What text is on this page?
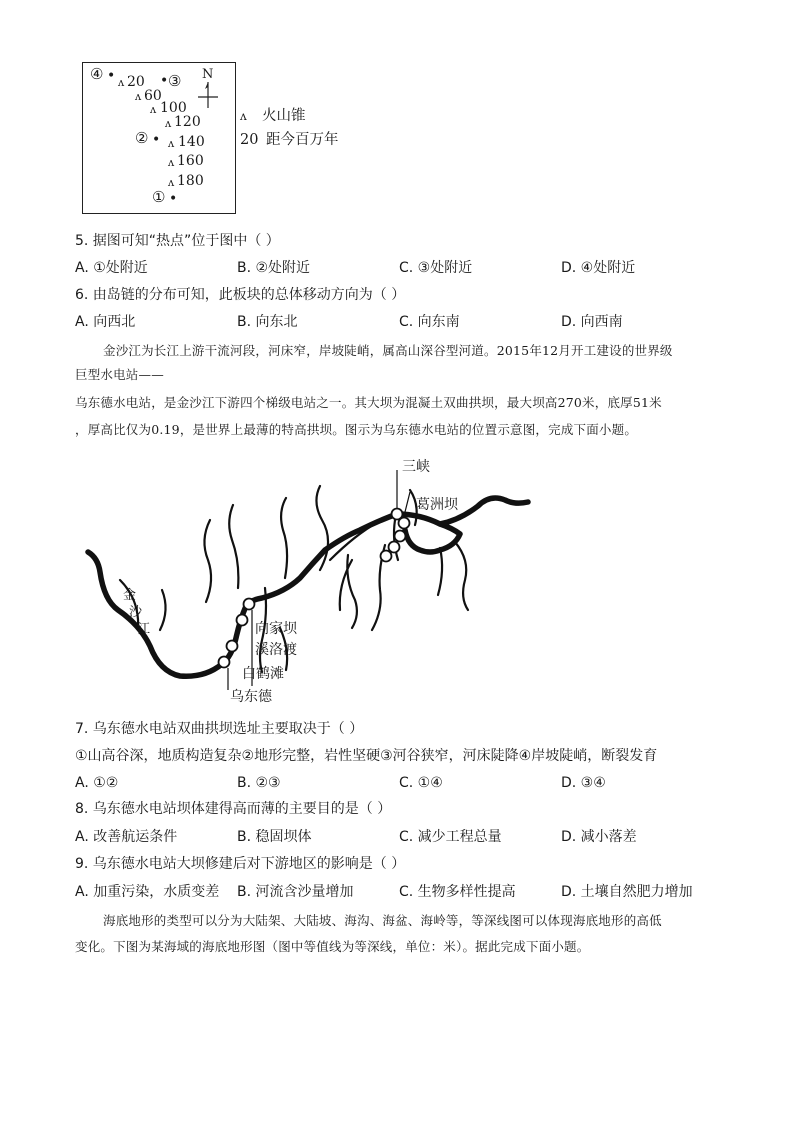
④ • ʌ 20 • ③
ʌ 60
ʌ 100
ʌ 120
② • ʌ 140
ʌ 160
ʌ 180
① •
N
ʌ 火山锥
20 距今百万年
5. 据图可知“热点”位于图中（ ）
A. ①处附近	B. ②处附近	C. ③处附近	D. ④处附近
6. 由岛链的分布可知，此板块的总体移动方向为（ ）
A. 向西北	B. 向东北	C. 向东南	D. 向西南
金沙江为长江上游干流河段，河床窄，岸坡陡峭，属高山深谷型河道。2015年12月开工建设的世界级
巨型水电站——
乌东德水电站，是金沙江下游四个梯级电站之一。其大坝为混凝土双曲拱坝，最大坝高270米，底厚51米
，厚高比仅为0.19，是世界上最薄的特高拱坝。图示为乌东德水电站的位置示意图，完成下面小题。
三峡
葛洲坝
金
沙
江	向家坝
溪洛渡
白鹤滩
乌东德
7. 乌东德水电站双曲拱坝选址主要取决于（ ）
①山高谷深，地质构造复杂②地形完整，岩性坚硬③河谷狭窄，河床陡降④岸坡陡峭，断裂发育
A. ①②	B. ②③	C. ①④	D. ③④
8. 乌东德水电站坝体建得高而薄的主要目的是（ ）
A. 改善航运条件	B. 稳固坝体	C. 减少工程总量	D. 减小落差
9. 乌东德水电站大坝修建后对下游地区的影响是（ ）
A. 加重污染，水质变差 B. 河流含沙量增加	C. 生物多样性提高	D. 土壤自然肥力增加
海底地形的类型可以分为大陆架、大陆坡、海沟、海盆、海岭等，等深线图可以体现海底地形的高低
变化。下图为某海域的海底地形图（图中等值线为等深线，单位：米）。据此完成下面小题。
